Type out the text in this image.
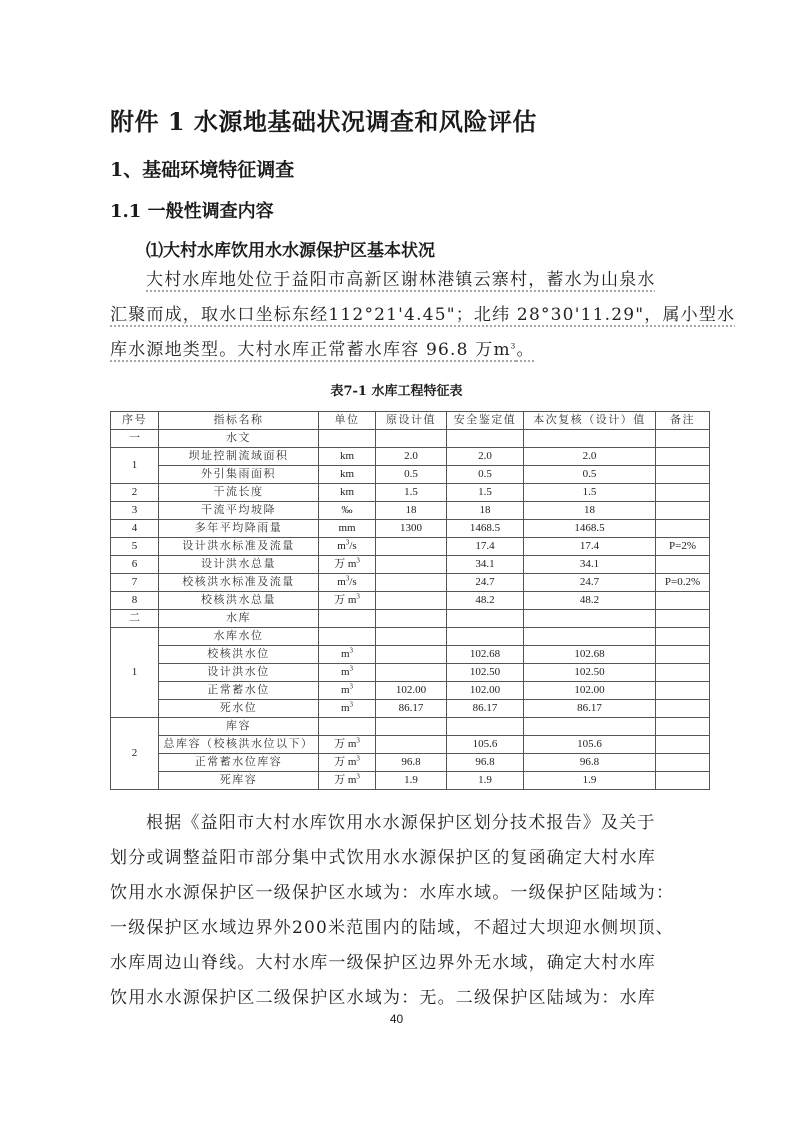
附件 1 水源地基础状况调查和风险评估
1、基础环境特征调查
1.1 一般性调查内容
⑴大村水库饮用水水源保护区基本状况
大村水库地处位于益阳市高新区谢林港镇云寨村，蓄水为山泉水
汇聚而成，取水口坐标东经112°21'4.45"；北纬 28°30'11.29"，属小型水
库水源地类型。大村水库正常蓄水库容 96.8 万$m^3$。
表7-1 水库工程特征表
序号	指标名称	单位	原设计值	安全鉴定值	本次复核（设计）值	备注
一	水文					
1	坝址控制流域面积	km	2.0	2.0	2.0	
	外引集雨面积	km	0.5	0.5	0.5	
2	干流长度	km	1.5	1.5	1.5	
3	干流平均坡降	‰	18	18	18	
4	多年平均降雨量	mm	1300	1468.5	1468.5	
5	设计洪水标准及流量	$m^3/s$		17.4	17.4	P=2%
6	设计洪水总量	万 $m^3$		34.1	34.1	
7	校核洪水标准及流量	$m^3/s$		24.7	24.7	P=0.2%
8	校核洪水总量	万 $m^3$		48.2	48.2	
二	水库					
1	水库水位					
	校核洪水位	$m^3$		102.68	102.68	
	设计洪水位	$m^3$		102.50	102.50	
	正常蓄水位	$m^3$	102.00	102.00	102.00	
	死水位	$m^3$	86.17	86.17	86.17	
2	库容					
	总库容（校核洪水位以下）	万 $m^3$		105.6	105.6	
	正常蓄水位库容	万 $m^3$	96.8	96.8	96.8	
	死库容	万 $m^3$	1.9	1.9	1.9	
根据《益阳市大村水库饮用水水源保护区划分技术报告》及关于
划分或调整益阳市部分集中式饮用水水源保护区的复函确定大村水库
饮用水水源保护区一级保护区水域为：水库水域。一级保护区陆域为：
一级保护区水域边界外200米范围内的陆域，不超过大坝迎水侧坝顶、
水库周边山脊线。大村水库一级保护区边界外无水域，确定大村水库
饮用水水源保护区二级保护区水域为：无。二级保护区陆域为：水库
40
